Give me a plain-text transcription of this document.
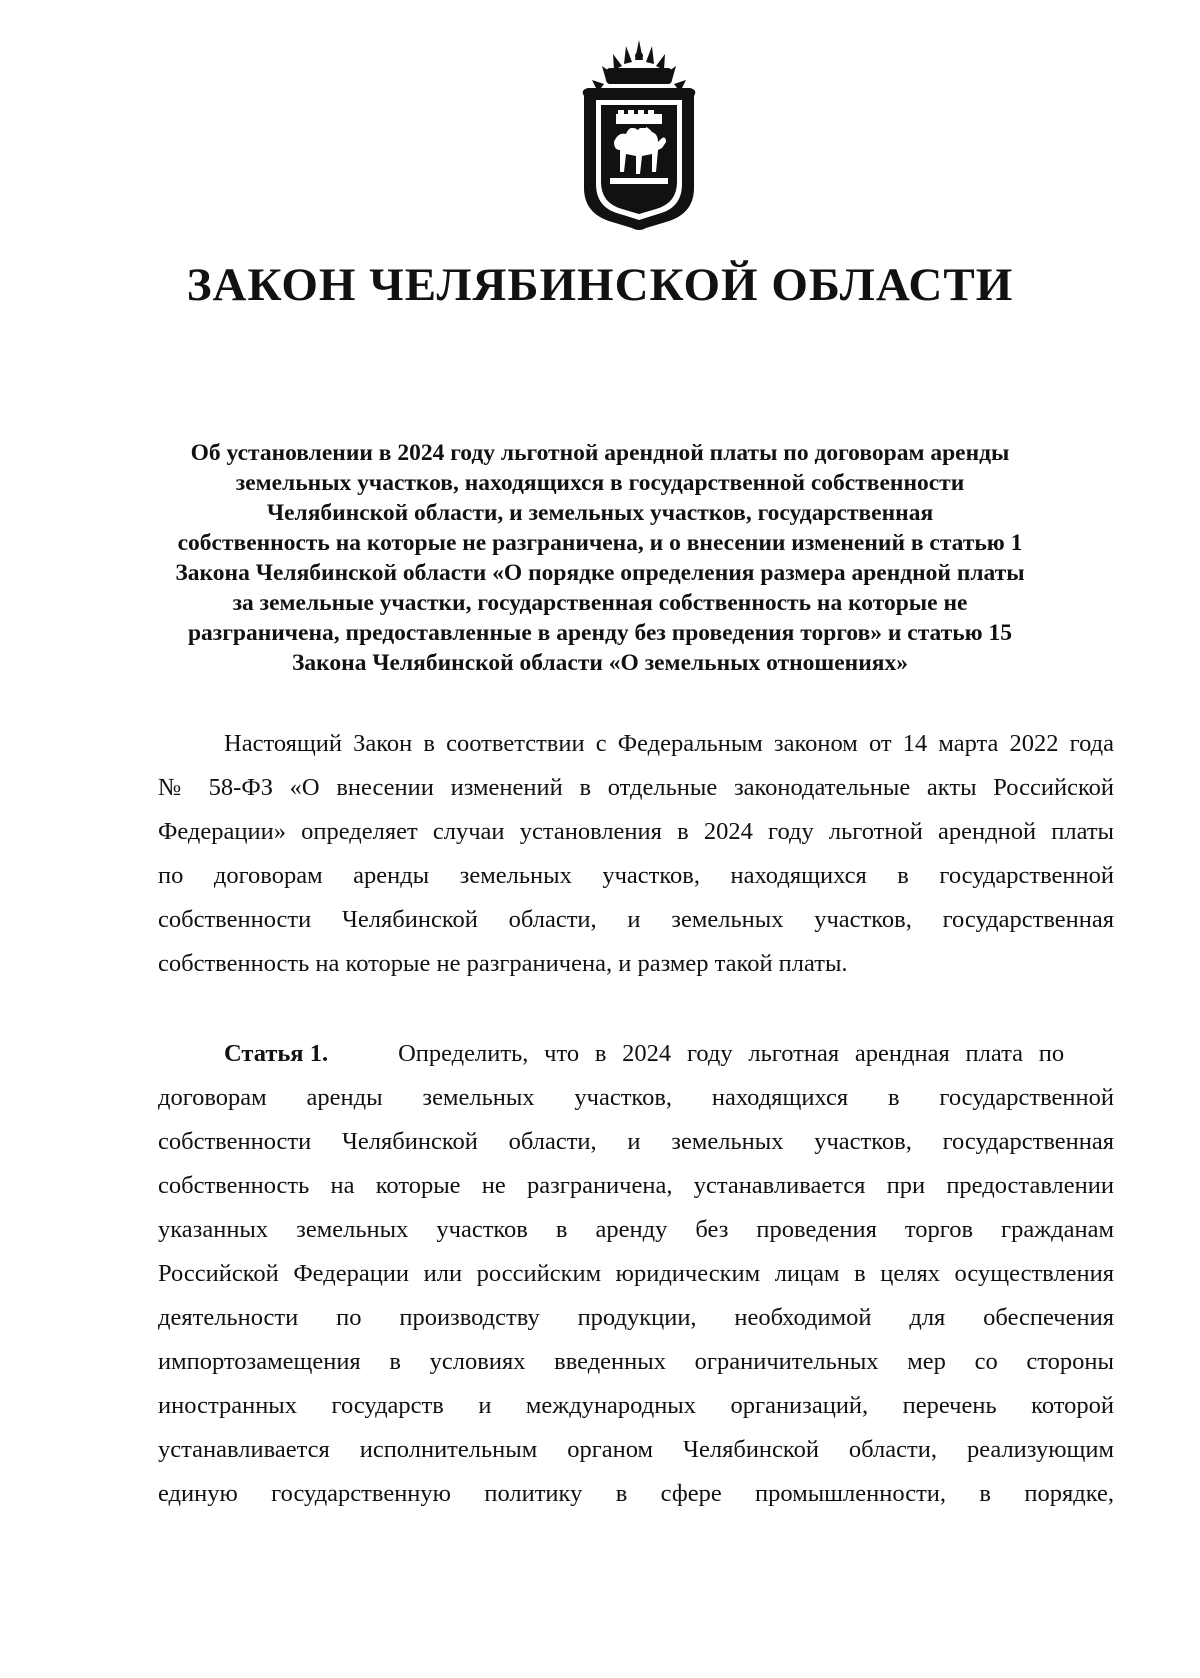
ЗАКОН ЧЕЛЯБИНСКОЙ ОБЛАСТИ
Об установлении в 2024 году льготной арендной платы по договорам аренды
земельных участков, находящихся в государственной собственности
Челябинской области, и земельных участков, государственная
собственность на которые не разграничена, и о внесении изменений в статью 1
Закона Челябинской области «О порядке определения размера арендной платы
за земельные участки, государственная собственность на которые не
разграничена, предоставленные в аренду без проведения торгов» и статью 15
Закона Челябинской области «О земельных отношениях»
Настоящий Закон в соответствии с Федеральным законом от 14 марта 2022 года
№ 58-ФЗ «О внесении изменений в отдельные законодательные акты Российской
Федерации» определяет случаи установления в 2024 году льготной арендной платы
по договорам аренды земельных участков, находящихся в государственной
собственности Челябинской области, и земельных участков, государственная
собственность на которые не разграничена, и размер такой платы.
Статья 1.	Определить, что в 2024 году льготная арендная плата по
договорам аренды земельных участков, находящихся в государственной
собственности Челябинской области, и земельных участков, государственная
собственность на которые не разграничена, устанавливается при предоставлении
указанных земельных участков в аренду без проведения торгов гражданам
Российской Федерации или российским юридическим лицам в целях осуществления
деятельности по производству продукции, необходимой для обеспечения
импортозамещения в условиях введенных ограничительных мер со стороны
иностранных государств и международных организаций, перечень которой
устанавливается исполнительным органом Челябинской области, реализующим
единую государственную политику в сфере промышленности, в порядке,
